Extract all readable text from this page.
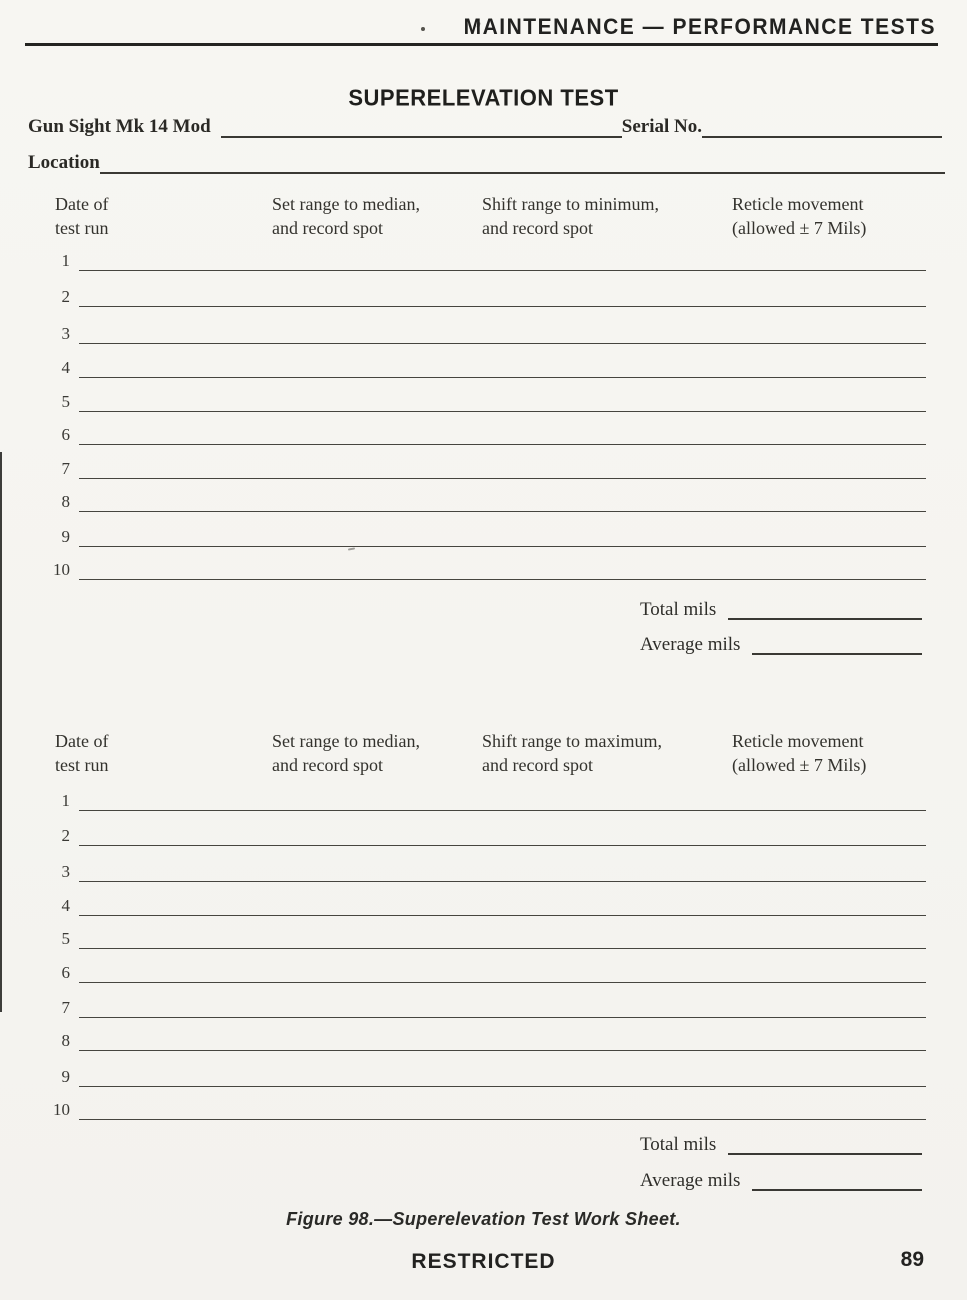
MAINTENANCE — PERFORMANCE TESTS
SUPERELEVATION TEST
Gun Sight Mk 14 Mod	Serial No.
Location
Date of
test run
Set range to median,
and record spot
Shift range to minimum,
and record spot
Reticle movement
(allowed ± 7 Mils)
1
2
3
4
5
6
7
8
9
10
Total mils
Average mils
Date of
test run
Set range to median,
and record spot
Shift range to maximum,
and record spot
Reticle movement
(allowed ± 7 Mils)
1
2
3
4
5
6
7
8
9
10
Total mils
Average mils
Figure 98.—Superelevation Test Work Sheet.
RESTRICTED	89
